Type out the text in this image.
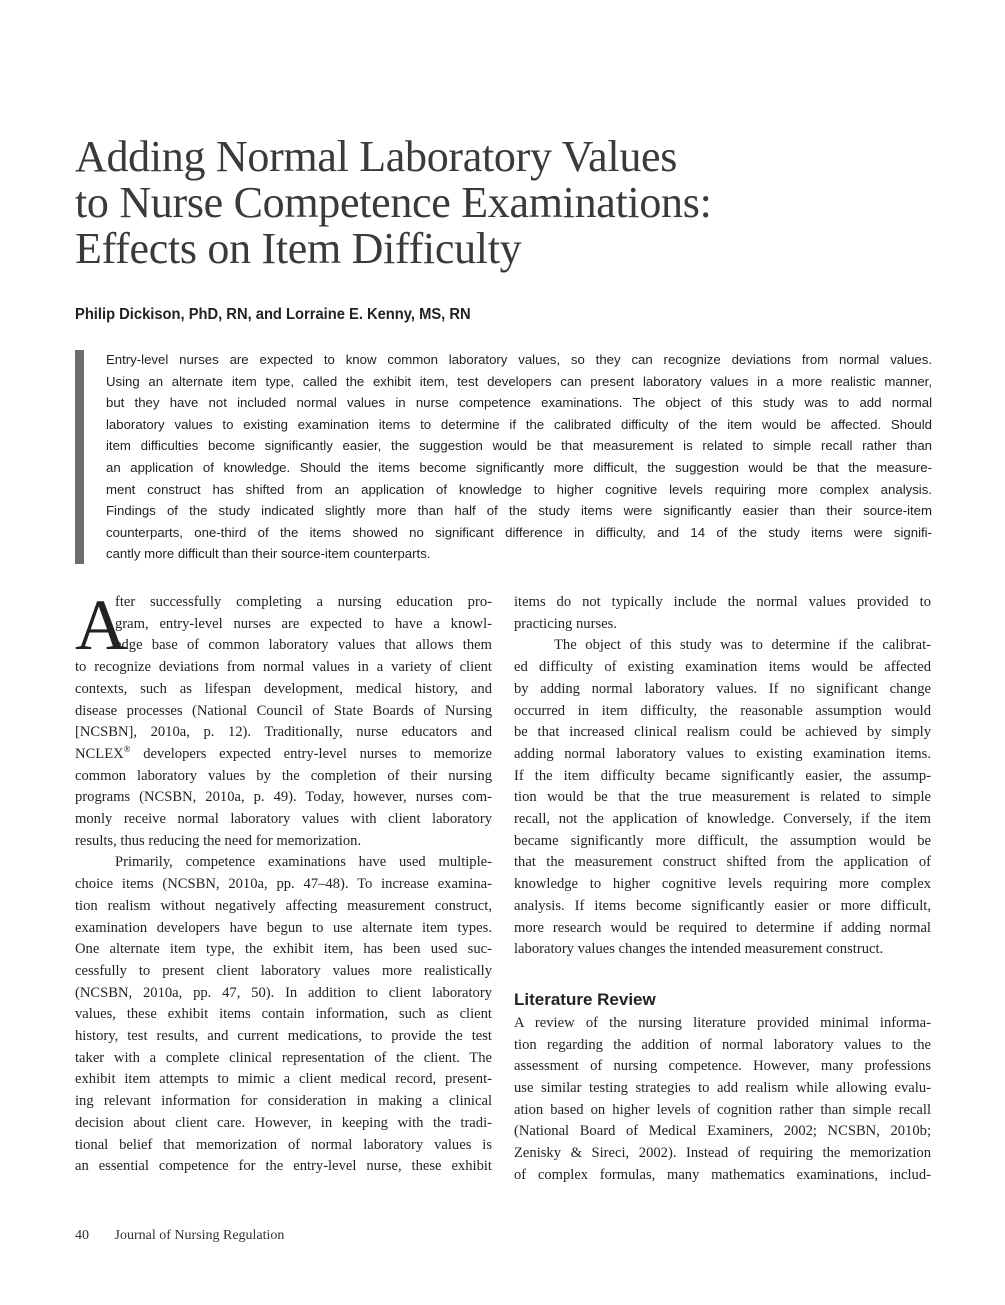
Adding Normal Laboratory Values
to Nurse Competence Examinations:
Effects on Item Difficulty
Philip Dickison, PhD, RN, and Lorraine E. Kenny, MS, RN
Entry-level nurses are expected to know common laboratory values, so they can recognize deviations from normal values.
Using an alternate item type, called the exhibit item, test developers can present laboratory values in a more realistic manner,
but they have not included normal values in nurse competence examinations. The object of this study was to add normal
laboratory values to existing examination items to determine if the calibrated difficulty of the item would be affected. Should
item difficulties become significantly easier, the suggestion would be that measurement is related to simple recall rather than
an application of knowledge. Should the items become significantly more difficult, the suggestion would be that the measure-
ment construct has shifted from an application of knowledge to higher cognitive levels requiring more complex analysis.
Findings of the study indicated slightly more than half of the study items were significantly easier than their source-item
counterparts, one-third of the items showed no significant difference in difficulty, and 14 of the study items were signifi-
cantly more difficult than their source-item counterparts.
A
fter successfully completing a nursing education pro-
gram, entry-level nurses are expected to have a knowl-
edge base of common laboratory values that allows them
to recognize deviations from normal values in a variety of client
contexts, such as lifespan development, medical history, and
disease processes (National Council of State Boards of Nursing
[NCSBN], 2010a, p. 12). Traditionally, nurse educators and
NCLEX® developers expected entry-level nurses to memorize
common laboratory values by the completion of their nursing
programs (NCSBN, 2010a, p. 49). Today, however, nurses com-
monly receive normal laboratory values with client laboratory
results, thus reducing the need for memorization.
Primarily, competence examinations have used multiple-
choice items (NCSBN, 2010a, pp. 47–48). To increase examina-
tion realism without negatively affecting measurement construct,
examination developers have begun to use alternate item types.
One alternate item type, the exhibit item, has been used suc-
cessfully to present client laboratory values more realistically
(NCSBN, 2010a, pp. 47, 50). In addition to client laboratory
values, these exhibit items contain information, such as client
history, test results, and current medications, to provide the test
taker with a complete clinical representation of the client. The
exhibit item attempts to mimic a client medical record, present-
ing relevant information for consideration in making a clinical
decision about client care. However, in keeping with the tradi-
tional belief that memorization of normal laboratory values is
an essential competence for the entry-level nurse, these exhibit
items do not typically include the normal values provided to
practicing nurses.
The object of this study was to determine if the calibrat-
ed difficulty of existing examination items would be affected
by adding normal laboratory values. If no significant change
occurred in item difficulty, the reasonable assumption would
be that increased clinical realism could be achieved by simply
adding normal laboratory values to existing examination items.
If the item difficulty became significantly easier, the assump-
tion would be that the true measurement is related to simple
recall, not the application of knowledge. Conversely, if the item
became significantly more difficult, the assumption would be
that the measurement construct shifted from the application of
knowledge to higher cognitive levels requiring more complex
analysis. If items become significantly easier or more difficult,
more research would be required to determine if adding normal
laboratory values changes the intended measurement construct.
Literature Review
A review of the nursing literature provided minimal informa-
tion regarding the addition of normal laboratory values to the
assessment of nursing competence. However, many professions
use similar testing strategies to add realism while allowing evalu-
ation based on higher levels of cognition rather than simple recall
(National Board of Medical Examiners, 2002; NCSBN, 2010b;
Zenisky & Sireci, 2002). Instead of requiring the memorization
of complex formulas, many mathematics examinations, includ-
40 Journal of Nursing Regulation
